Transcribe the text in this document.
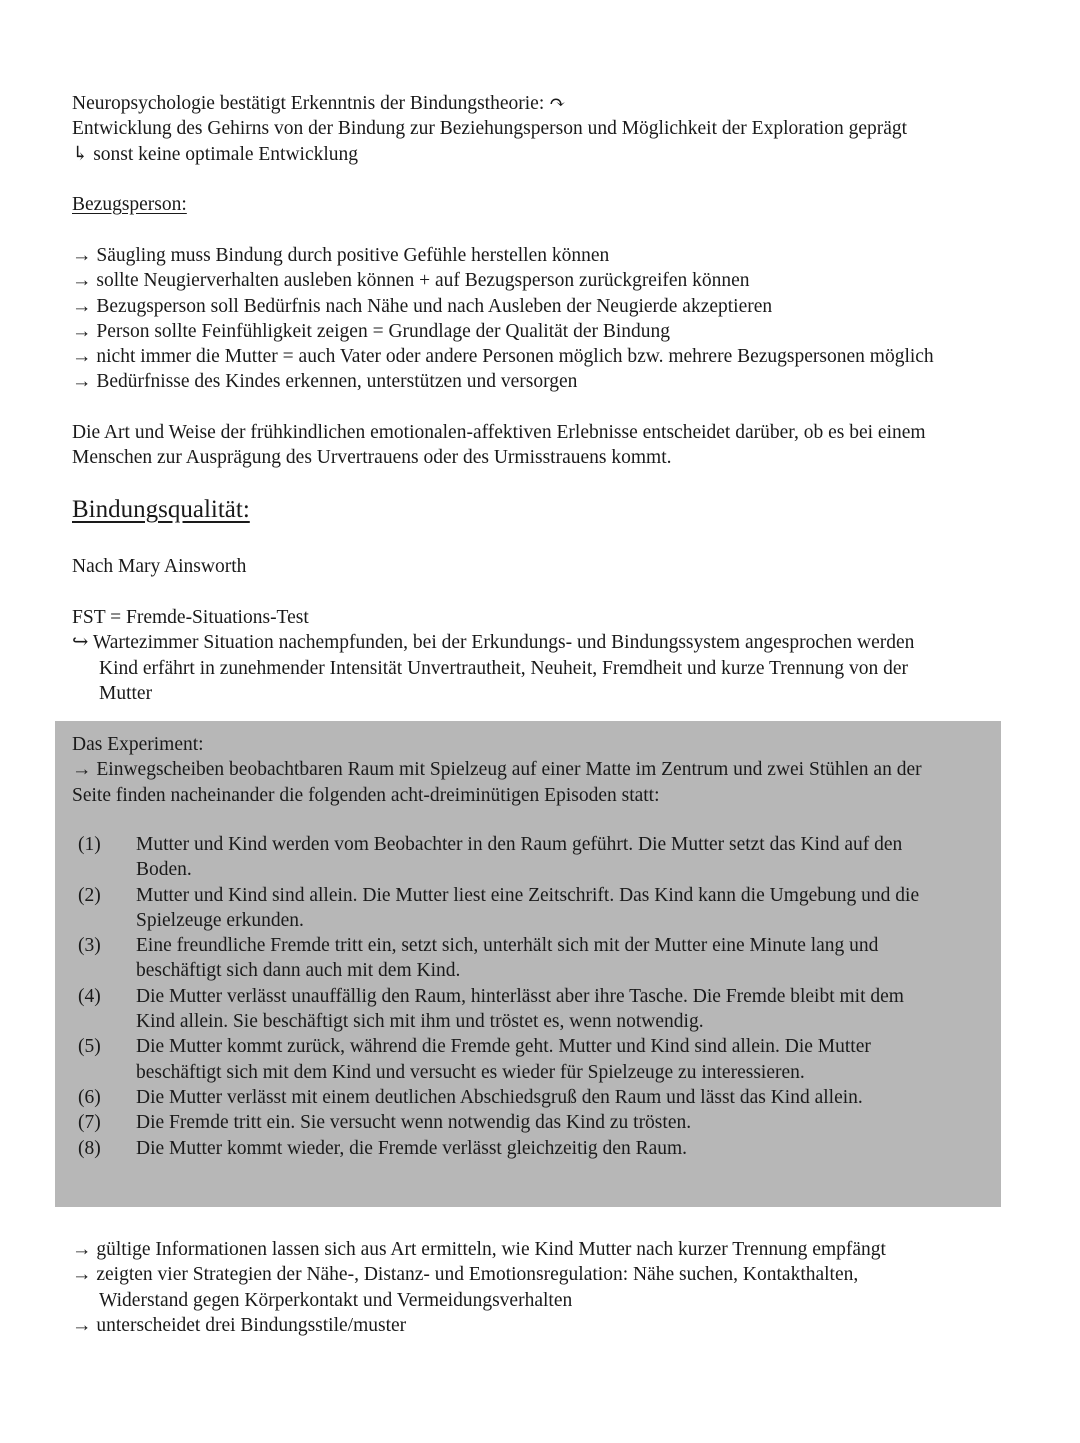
Neuropsychologie bestätigt Erkenntnis der Bindungstheorie: ↷
Entwicklung des Gehirns von der Bindung zur Beziehungsperson und Möglichkeit der Exploration geprägt
↳ sonst keine optimale Entwicklung
Bezugsperson:
→ Säugling muss Bindung durch positive Gefühle herstellen können
→ sollte Neugierverhalten ausleben können + auf Bezugsperson zurückgreifen können
→ Bezugsperson soll Bedürfnis nach Nähe und nach Ausleben der Neugierde akzeptieren
→ Person sollte Feinfühligkeit zeigen = Grundlage der Qualität der Bindung
→ nicht immer die Mutter = auch Vater oder andere Personen möglich bzw. mehrere Bezugspersonen möglich
→ Bedürfnisse des Kindes erkennen, unterstützen und versorgen
Die Art und Weise der frühkindlichen emotionalen-affektiven Erlebnisse entscheidet darüber, ob es bei einem
Menschen zur Ausprägung des Urvertrauens oder des Urmisstrauens kommt.
Bindungsqualität:
Nach Mary Ainsworth
FST = Fremde-Situations-Test
↪ Wartezimmer Situation nachempfunden, bei der Erkundungs- und Bindungssystem angesprochen werden
Kind erfährt in zunehmender Intensität Unvertrautheit, Neuheit, Fremdheit und kurze Trennung von der
Mutter
Das Experiment:
→ Einwegscheiben beobachtbaren Raum mit Spielzeug auf einer Matte im Zentrum und zwei Stühlen an der
Seite finden nacheinander die folgenden acht-dreiminütigen Episoden statt:
(1) Mutter und Kind werden vom Beobachter in den Raum geführt. Die Mutter setzt das Kind auf den
Boden.
(2) Mutter und Kind sind allein. Die Mutter liest eine Zeitschrift. Das Kind kann die Umgebung und die
Spielzeuge erkunden.
(3) Eine freundliche Fremde tritt ein, setzt sich, unterhält sich mit der Mutter eine Minute lang und
beschäftigt sich dann auch mit dem Kind.
(4) Die Mutter verlässt unauffällig den Raum, hinterlässt aber ihre Tasche. Die Fremde bleibt mit dem
Kind allein. Sie beschäftigt sich mit ihm und tröstet es, wenn notwendig.
(5) Die Mutter kommt zurück, während die Fremde geht. Mutter und Kind sind allein. Die Mutter
beschäftigt sich mit dem Kind und versucht es wieder für Spielzeuge zu interessieren.
(6) Die Mutter verlässt mit einem deutlichen Abschiedsgruß den Raum und lässt das Kind allein.
(7) Die Fremde tritt ein. Sie versucht wenn notwendig das Kind zu trösten.
(8) Die Mutter kommt wieder, die Fremde verlässt gleichzeitig den Raum.
→ gültige Informationen lassen sich aus Art ermitteln, wie Kind Mutter nach kurzer Trennung empfängt
→ zeigten vier Strategien der Nähe-, Distanz- und Emotionsregulation: Nähe suchen, Kontakthalten,
Widerstand gegen Körperkontakt und Vermeidungsverhalten
→ unterscheidet drei Bindungsstile/muster
